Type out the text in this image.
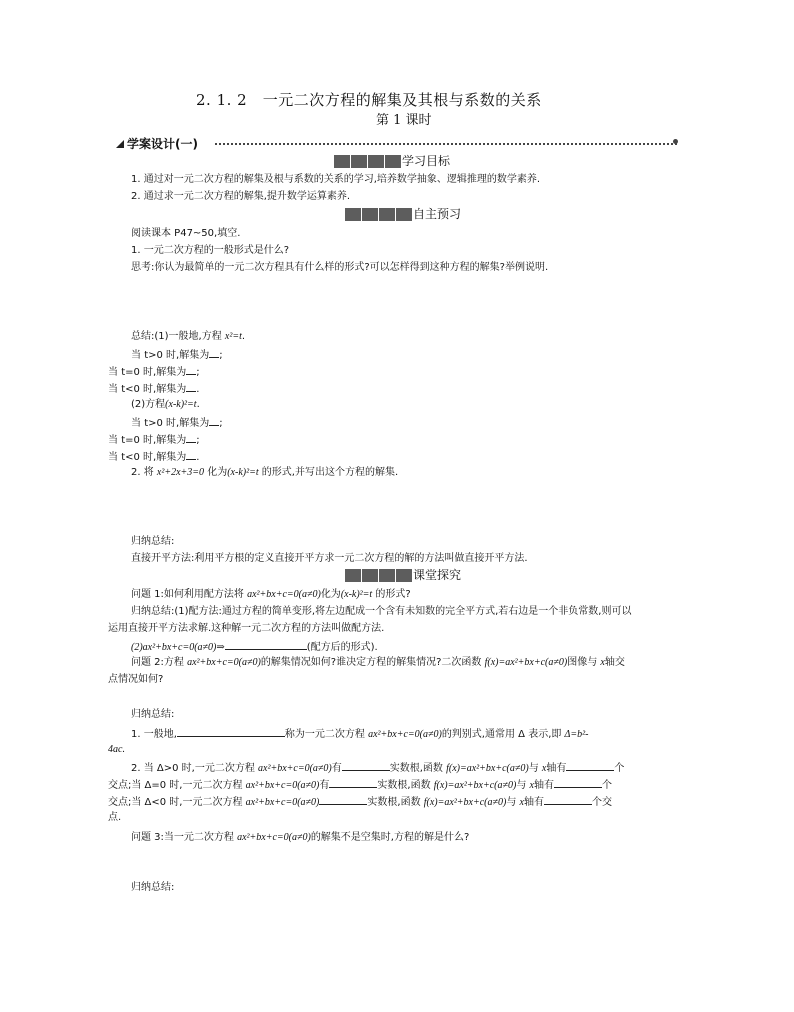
2. 1. 2　一元二次方程的解集及其根与系数的关系
第 1 课时
学案设计(一)
学习目标
1. 通过对一元二次方程的解集及根与系数的关系的学习,培养数学抽象、逻辑推理的数学素养.
2. 通过求一元二次方程的解集,提升数学运算素养.
自主预习
阅读课本 P47~50,填空.
1. 一元二次方程的一般形式是什么?
思考:你认为最简单的一元二次方程具有什么样的形式?可以怎样得到这种方程的解集?举例说明.
总结:(1)一般地,方程 x²=t.
当 t>0 时,解集为 ;
当 t=0 时,解集为 ;
当 t<0 时,解集为 .
(2)方程(x-k)²=t.
当 t>0 时,解集为 ;
当 t=0 时,解集为 ;
当 t<0 时,解集为 .
2. 将 x²+2x+3=0 化为(x-k)²=t 的形式,并写出这个方程的解集.
归纳总结:
直接开平方法:利用平方根的定义直接开平方求一元二次方程的解的方法叫做直接开平方法.
课堂探究
问题 1:如何利用配方法将 ax²+bx+c=0(a≠0)化为(x-k)²=t 的形式?
归纳总结:(1)配方法:通过方程的简单变形,将左边配成一个含有未知数的完全平方式,若右边是一个非负常数,则可以
运用直接开平方法求解.这种解一元二次方程的方法叫做配方法.
(2)ax²+bx+c=0(a≠0)⇒	(配方后的形式).
问题 2:方程 ax²+bx+c=0(a≠0)的解集情况如何?谁决定方程的解集情况?二次函数 f(x)=ax²+bx+c(a≠0)图像与 x轴交
点情况如何?
归纳总结:
1. 一般地,	称为一元二次方程 ax²+bx+c=0(a≠0)的判别式,通常用 Δ 表示,即 Δ=b²-
4ac.
2. 当 Δ>0 时,一元二次方程 ax²+bx+c=0(a≠0)有	实数根,函数 f(x)=ax²+bx+c(a≠0)与 x轴有	个
交点;当 Δ=0 时,一元二次方程 ax²+bx+c=0(a≠0)有	实数根,函数 f(x)=ax²+bx+c(a≠0)与 x轴有	个
交点;当 Δ<0 时,一元二次方程 ax²+bx+c=0(a≠0)	实数根,函数 f(x)=ax²+bx+c(a≠0)与 x轴有	个交
点.
问题 3:当一元二次方程 ax²+bx+c=0(a≠0)的解集不是空集时,方程的解是什么?
归纳总结:
